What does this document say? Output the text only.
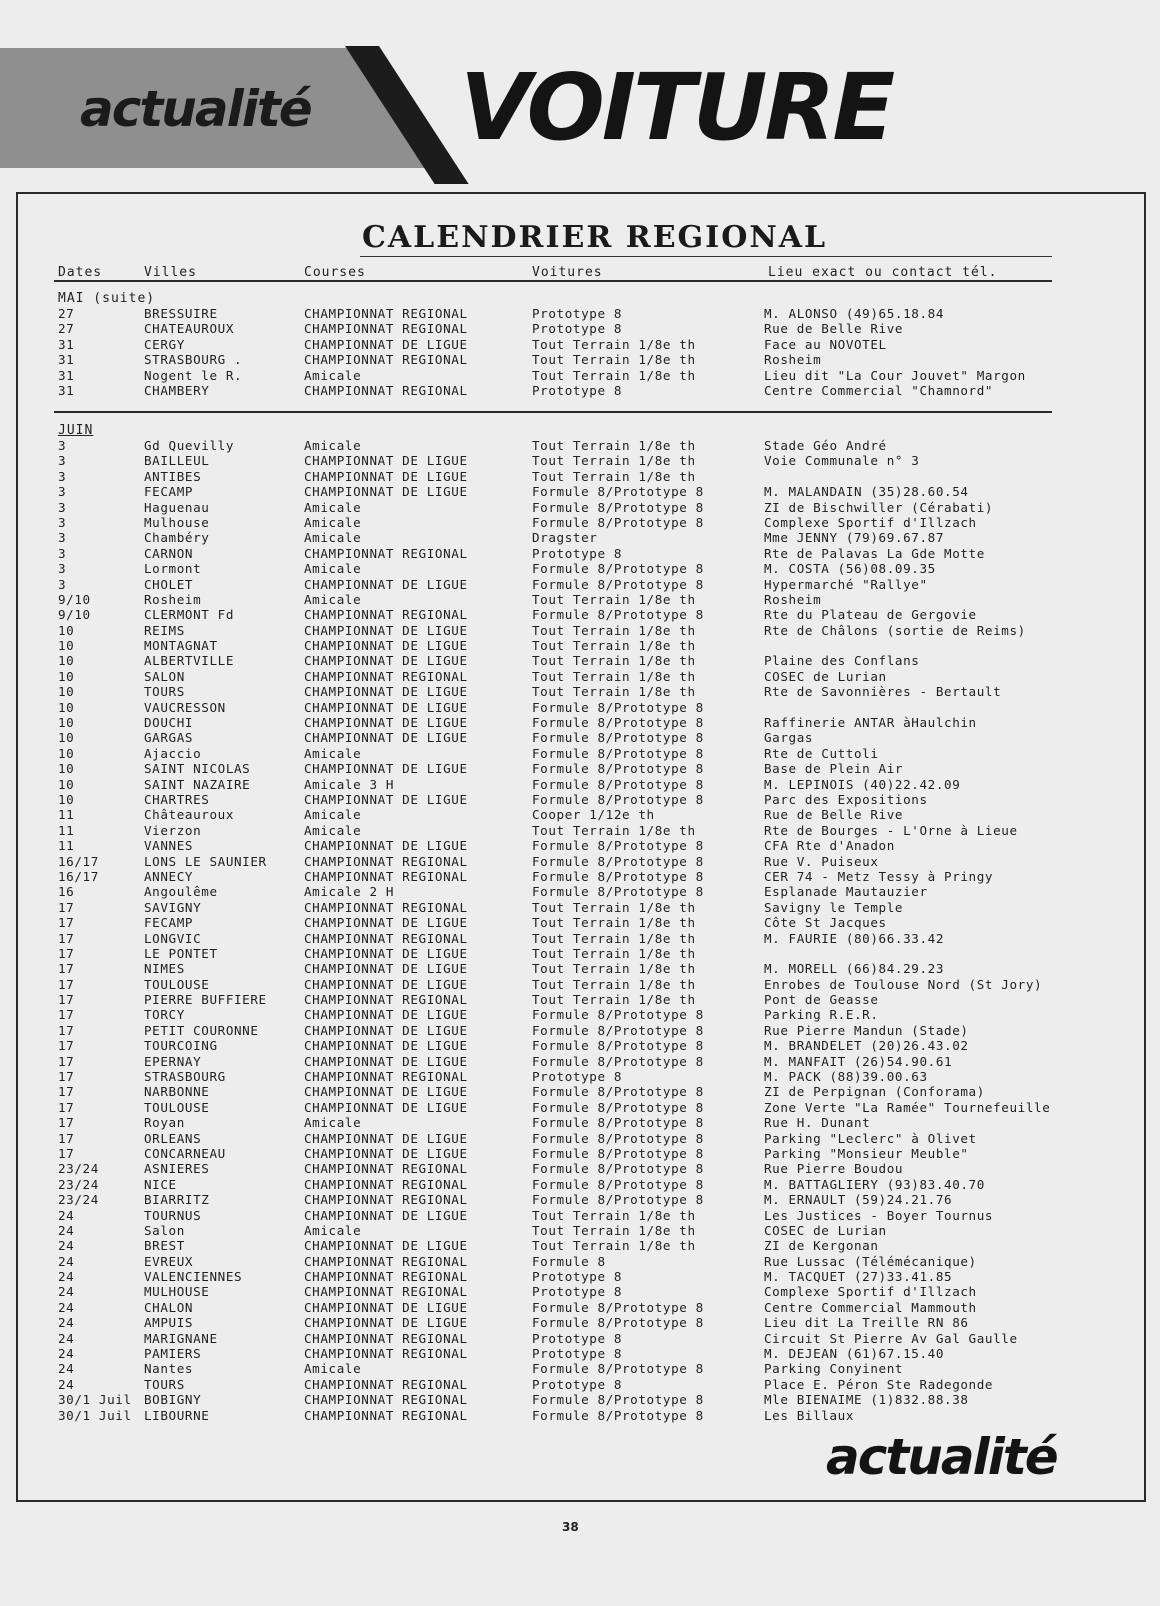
actualité VOITURE
CALENDRIER REGIONAL
Dates	Villes	Courses	Voitures	Lieu exact ou contact tél.
MAI (suite)
27	BRESSUIRE	CHAMPIONNAT REGIONAL	Prototype 8	M. ALONSO (49)65.18.84
27	CHATEAUROUX	CHAMPIONNAT REGIONAL	Prototype 8	Rue de Belle Rive
31	CERGY	CHAMPIONNAT DE LIGUE	Tout Terrain 1/8e th	Face au NOVOTEL
31	STRASBOURG .	CHAMPIONNAT REGIONAL	Tout Terrain 1/8e th	Rosheim
31	Nogent le R.	Amicale	Tout Terrain 1/8e th	Lieu dit "La Cour Jouvet" Margon
31	CHAMBERY	CHAMPIONNAT REGIONAL	Prototype 8	Centre Commercial "Chamnord"
JUIN
3	Gd Quevilly	Amicale	Tout Terrain 1/8e th	Stade Géo André
3	BAILLEUL	CHAMPIONNAT DE LIGUE	Tout Terrain 1/8e th	Voie Communale n° 3
3	ANTIBES	CHAMPIONNAT DE LIGUE	Tout Terrain 1/8e th
3	FECAMP	CHAMPIONNAT DE LIGUE	Formule 8/Prototype 8	M. MALANDAIN (35)28.60.54
3	Haguenau	Amicale	Formule 8/Prototype 8	ZI de Bischwiller (Cérabati)
3	Mulhouse	Amicale	Formule 8/Prototype 8	Complexe Sportif d'Illzach
3	Chambéry	Amicale	Dragster	Mme JENNY (79)69.67.87
3	CARNON	CHAMPIONNAT REGIONAL	Prototype 8	Rte de Palavas La Gde Motte
3	Lormont	Amicale	Formule 8/Prototype 8	M. COSTA (56)08.09.35
3	CHOLET	CHAMPIONNAT DE LIGUE	Formule 8/Prototype 8	Hypermarché "Rallye"
9/10	Rosheim	Amicale	Tout Terrain 1/8e th	Rosheim
9/10	CLERMONT Fd	CHAMPIONNAT REGIONAL	Formule 8/Prototype 8	Rte du Plateau de Gergovie
10	REIMS	CHAMPIONNAT DE LIGUE	Tout Terrain 1/8e th	Rte de Châlons (sortie de Reims)
10	MONTAGNAT	CHAMPIONNAT DE LIGUE	Tout Terrain 1/8e th
10	ALBERTVILLE	CHAMPIONNAT DE LIGUE	Tout Terrain 1/8e th	Plaine des Conflans
10	SALON	CHAMPIONNAT REGIONAL	Tout Terrain 1/8e th	COSEC de Lurian
10	TOURS	CHAMPIONNAT DE LIGUE	Tout Terrain 1/8e th	Rte de Savonnières - Bertault
10	VAUCRESSON	CHAMPIONNAT DE LIGUE	Formule 8/Prototype 8
10	DOUCHI	CHAMPIONNAT DE LIGUE	Formule 8/Prototype 8	Raffinerie ANTAR àHaulchin
10	GARGAS	CHAMPIONNAT DE LIGUE	Formule 8/Prototype 8	Gargas
10	Ajaccio	Amicale	Formule 8/Prototype 8	Rte de Cuttoli
10	SAINT NICOLAS	CHAMPIONNAT DE LIGUE	Formule 8/Prototype 8	Base de Plein Air
10	SAINT NAZAIRE	Amicale 3 H	Formule 8/Prototype 8	M. LEPINOIS (40)22.42.09
10	CHARTRES	CHAMPIONNAT DE LIGUE	Formule 8/Prototype 8	Parc des Expositions
11	Châteauroux	Amicale	Cooper 1/12e th	Rue de Belle Rive
11	Vierzon	Amicale	Tout Terrain 1/8e th	Rte de Bourges - L'Orne à Lieue
11	VANNES	CHAMPIONNAT DE LIGUE	Formule 8/Prototype 8	CFA Rte d'Anadon
16/17	LONS LE SAUNIER	CHAMPIONNAT REGIONAL	Formule 8/Prototype 8	Rue V. Puiseux
16/17	ANNECY	CHAMPIONNAT REGIONAL	Formule 8/Prototype 8	CER 74 - Metz Tessy à Pringy
16	Angoulême	Amicale 2 H	Formule 8/Prototype 8	Esplanade Mautauzier
17	SAVIGNY	CHAMPIONNAT REGIONAL	Tout Terrain 1/8e th	Savigny le Temple
17	FECAMP	CHAMPIONNAT DE LIGUE	Tout Terrain 1/8e th	Côte St Jacques
17	LONGVIC	CHAMPIONNAT REGIONAL	Tout Terrain 1/8e th	M. FAURIE (80)66.33.42
17	LE PONTET	CHAMPIONNAT DE LIGUE	Tout Terrain 1/8e th
17	NIMES	CHAMPIONNAT DE LIGUE	Tout Terrain 1/8e th	M. MORELL (66)84.29.23
17	TOULOUSE	CHAMPIONNAT DE LIGUE	Tout Terrain 1/8e th	Enrobes de Toulouse Nord (St Jory)
17	PIERRE BUFFIERE	CHAMPIONNAT REGIONAL	Tout Terrain 1/8e th	Pont de Geasse
17	TORCY	CHAMPIONNAT DE LIGUE	Formule 8/Prototype 8	Parking R.E.R.
17	PETIT COURONNE	CHAMPIONNAT DE LIGUE	Formule 8/Prototype 8	Rue Pierre Mandun (Stade)
17	TOURCOING	CHAMPIONNAT DE LIGUE	Formule 8/Prototype 8	M. BRANDELET (20)26.43.02
17	EPERNAY	CHAMPIONNAT DE LIGUE	Formule 8/Prototype 8	M. MANFAIT (26)54.90.61
17	STRASBOURG	CHAMPIONNAT REGIONAL	Prototype 8	M. PACK (88)39.00.63
17	NARBONNE	CHAMPIONNAT DE LIGUE	Formule 8/Prototype 8	ZI de Perpignan (Conforama)
17	TOULOUSE	CHAMPIONNAT DE LIGUE	Formule 8/Prototype 8	Zone Verte "La Ramée" Tournefeuille
17	Royan	Amicale	Formule 8/Prototype 8	Rue H. Dunant
17	ORLEANS	CHAMPIONNAT DE LIGUE	Formule 8/Prototype 8	Parking "Leclerc" à Olivet
17	CONCARNEAU	CHAMPIONNAT DE LIGUE	Formule 8/Prototype 8	Parking "Monsieur Meuble"
23/24	ASNIERES	CHAMPIONNAT REGIONAL	Formule 8/Prototype 8	Rue Pierre Boudou
23/24	NICE	CHAMPIONNAT REGIONAL	Formule 8/Prototype 8	M. BATTAGLIERY (93)83.40.70
23/24	BIARRITZ	CHAMPIONNAT REGIONAL	Formule 8/Prototype 8	M. ERNAULT (59)24.21.76
24	TOURNUS	CHAMPIONNAT DE LIGUE	Tout Terrain 1/8e th	Les Justices - Boyer Tournus
24	Salon	Amicale	Tout Terrain 1/8e th	COSEC de Lurian
24	BREST	CHAMPIONNAT DE LIGUE	Tout Terrain 1/8e th	ZI de Kergonan
24	EVREUX	CHAMPIONNAT REGIONAL	Formule 8	Rue Lussac (Télémécanique)
24	VALENCIENNES	CHAMPIONNAT REGIONAL	Prototype 8	M. TACQUET (27)33.41.85
24	MULHOUSE	CHAMPIONNAT REGIONAL	Prototype 8	Complexe Sportif d'Illzach
24	CHALON	CHAMPIONNAT DE LIGUE	Formule 8/Prototype 8	Centre Commercial Mammouth
24	AMPUIS	CHAMPIONNAT DE LIGUE	Formule 8/Prototype 8	Lieu dit La Treille RN 86
24	MARIGNANE	CHAMPIONNAT REGIONAL	Prototype 8	Circuit St Pierre Av Gal Gaulle
24	PAMIERS	CHAMPIONNAT REGIONAL	Prototype 8	M. DEJEAN (61)67.15.40
24	Nantes	Amicale	Formule 8/Prototype 8	Parking Conyinent
24	TOURS	CHAMPIONNAT REGIONAL	Prototype 8	Place E. Péron Ste Radegonde
30/1 Juil BOBIGNY	CHAMPIONNAT REGIONAL	Formule 8/Prototype 8	Mle BIENAIME (1)832.88.38
30/1 Juil LIBOURNE	CHAMPIONNAT REGIONAL	Formule 8/Prototype 8	Les Billaux
actualité
38
